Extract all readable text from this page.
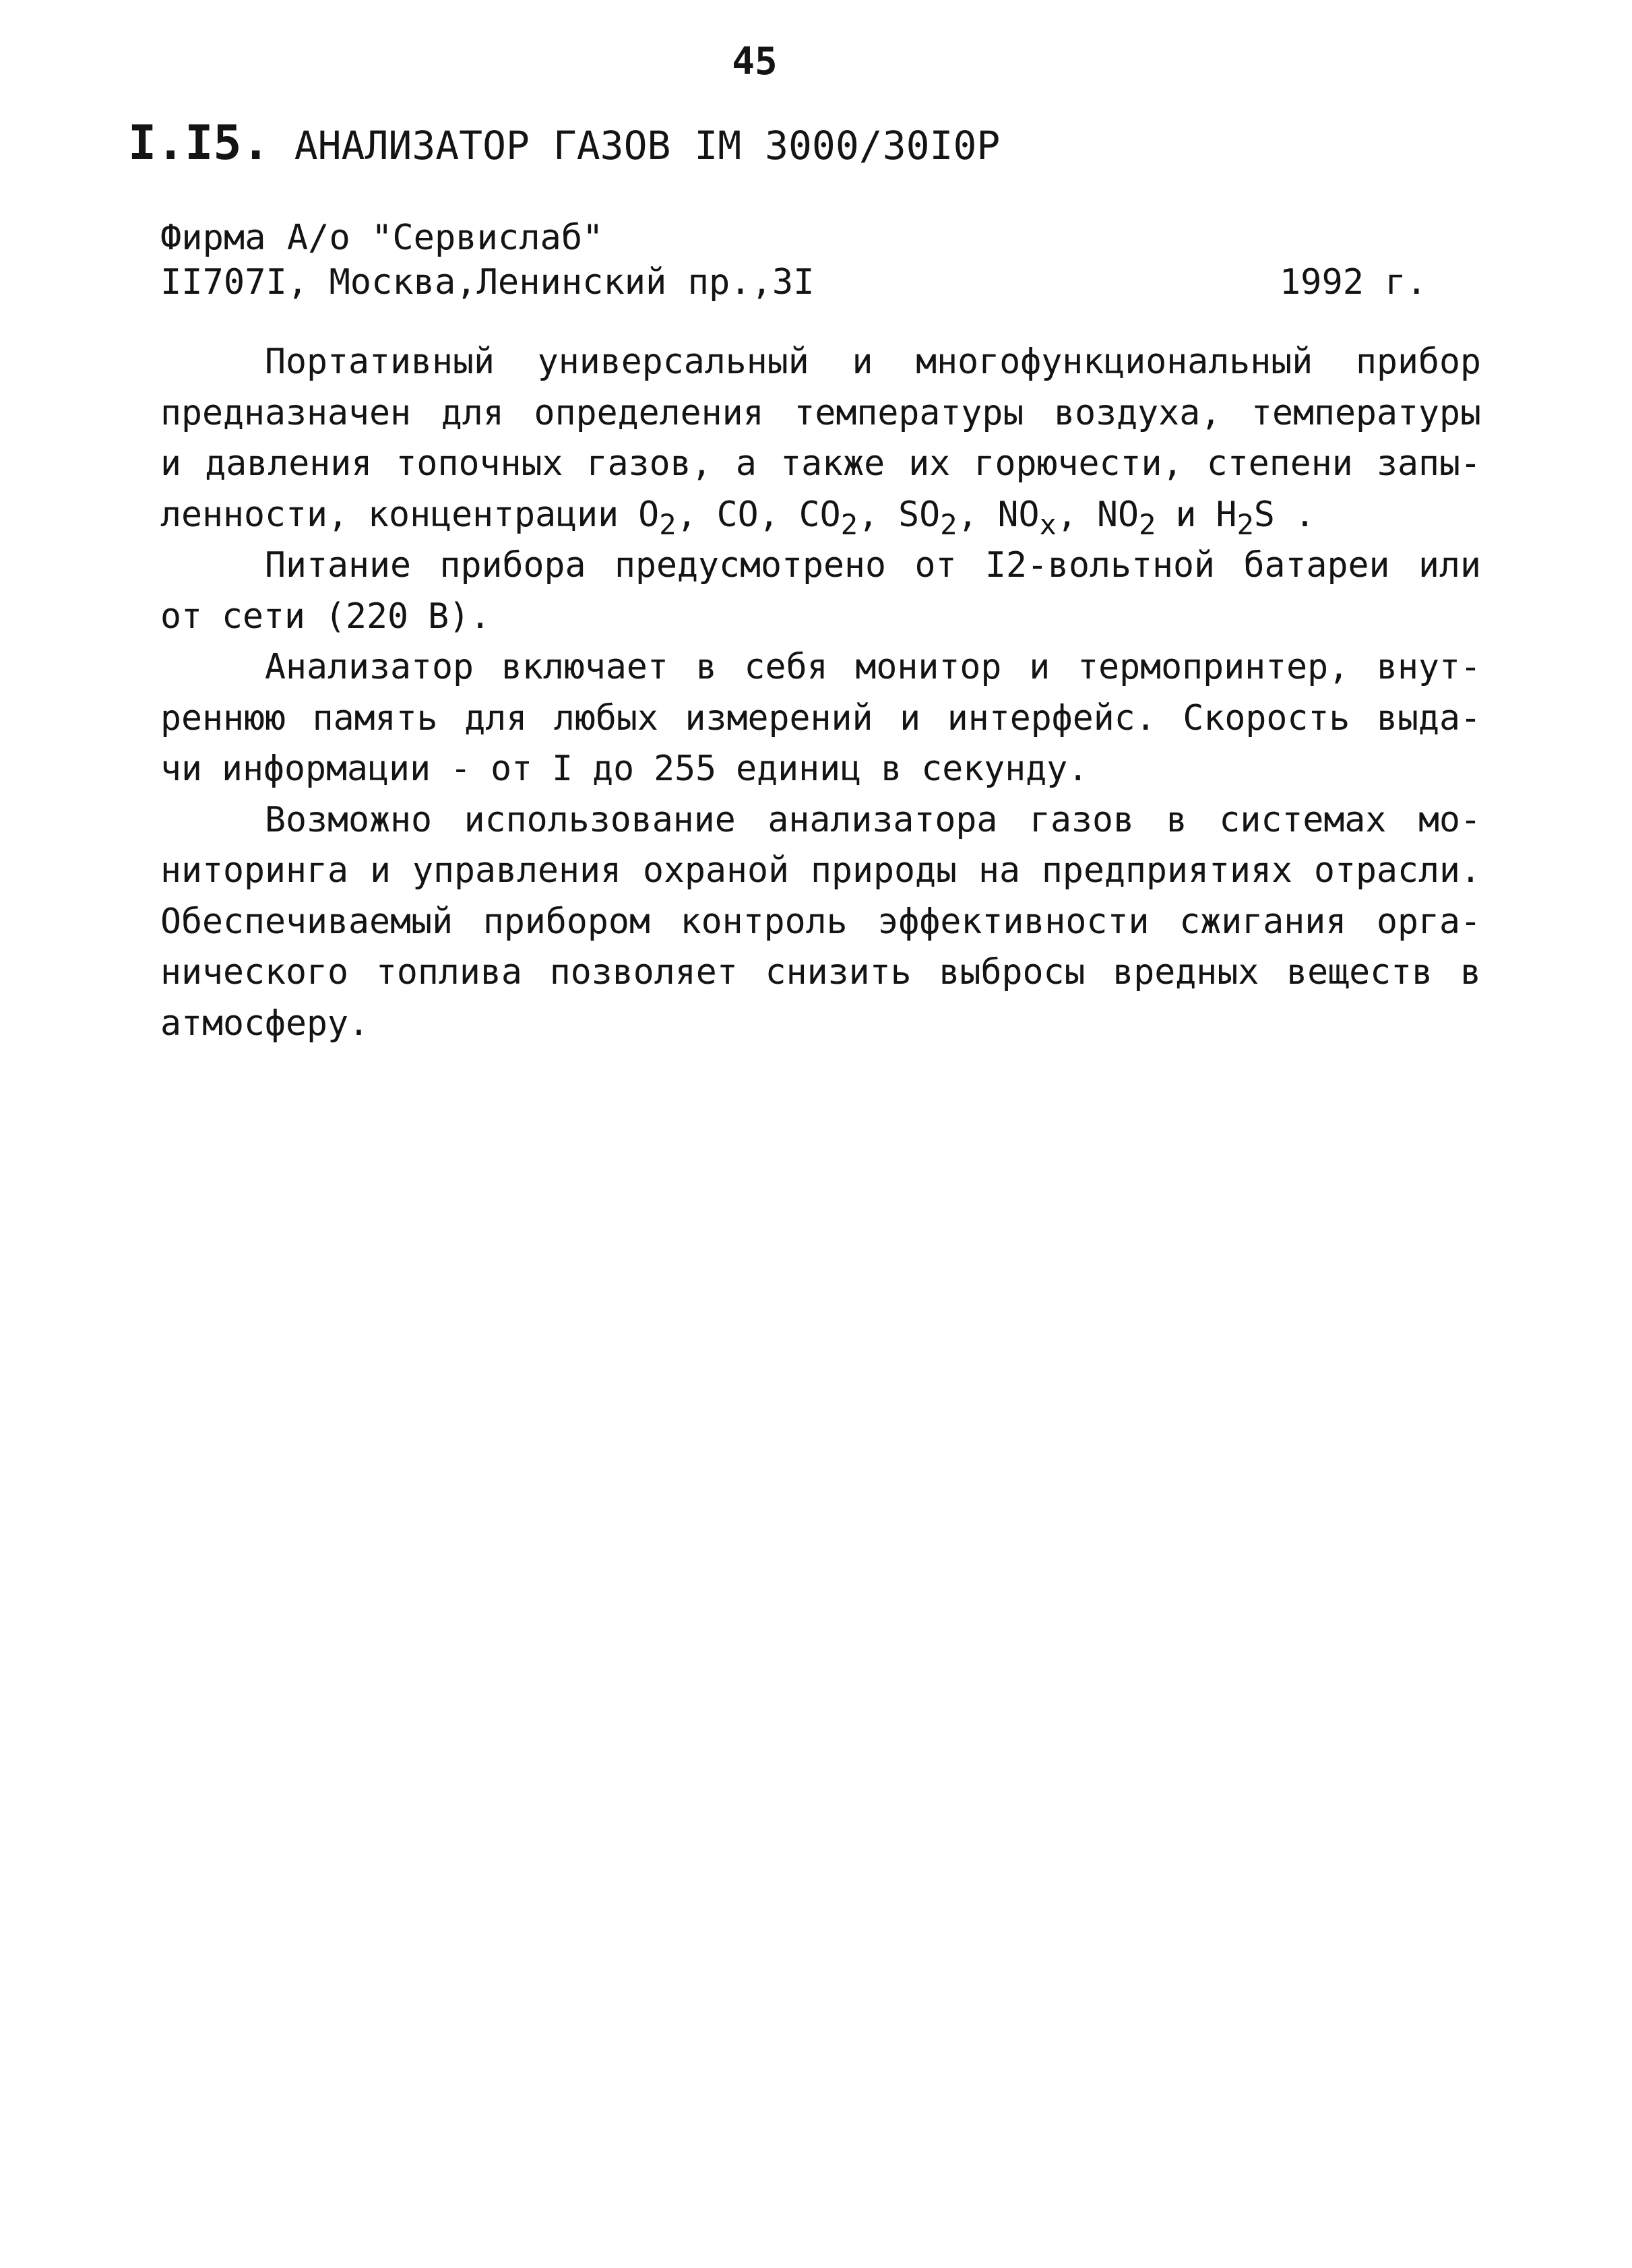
45
I.I5. АНАЛИЗАТОР ГАЗОВ IM 3000/30I0P
Фирма А/о "Сервислаб"
II707I, Москва,Ленинский пр.,3I	1992 г.

Портативный универсальный и многофункциональный прибор
предназначен для определения температуры воздуха, температуры
и давления топочных газов, а также их горючести, степени запы-
ленности, концентрации $O_2$, CO, $CO_2$, $SO_2$, $NO_x$, $NO_2$ и $H_2S$ .

Питание прибора предусмотрено от I2-вольтной батареи или
от сети (220 В).

Анализатор включает в себя монитор и термопринтер, внут-
реннюю память для любых измерений и интерфейс. Скорость выда-
чи информации - от I до 255 единиц в секунду.

Возможно использование анализатора газов в системах мо-
ниторинга и управления охраной природы на предприятиях отрасли.
Обеспечиваемый прибором контроль эффективности сжигания орга-
нического топлива позволяет снизить выбросы вредных веществ в
атмосферу.
